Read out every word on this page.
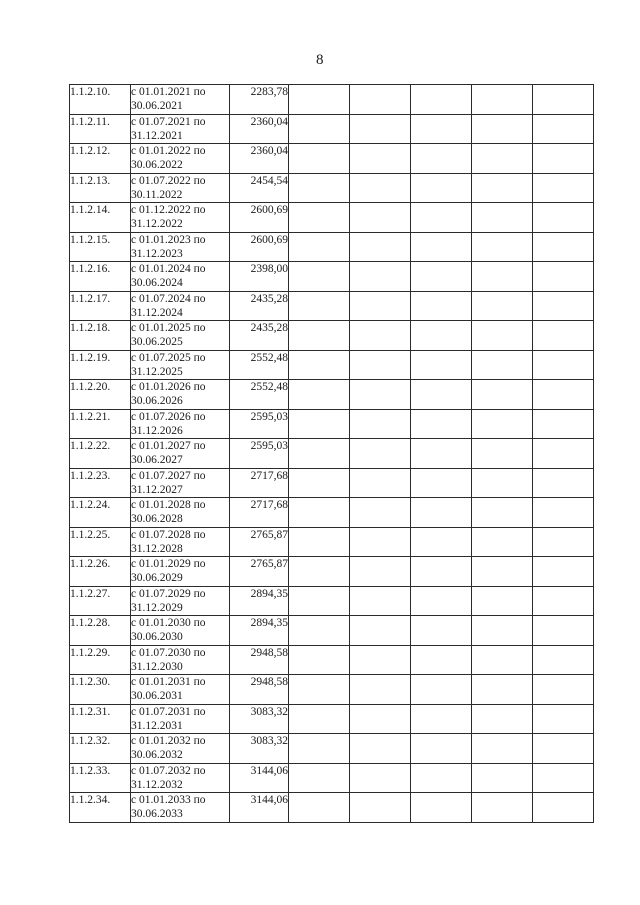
8
1.1.2.10.	с 01.01.2021 по
30.06.2021	2283,78					
1.1.2.11.	с 01.07.2021 по
31.12.2021	2360,04					
1.1.2.12.	с 01.01.2022 по
30.06.2022	2360,04					
1.1.2.13.	с 01.07.2022 по
30.11.2022	2454,54					
1.1.2.14.	с 01.12.2022 по
31.12.2022	2600,69					
1.1.2.15.	с 01.01.2023 по
31.12.2023	2600,69					
1.1.2.16.	с 01.01.2024 по
30.06.2024	2398,00					
1.1.2.17.	с 01.07.2024 по
31.12.2024	2435,28					
1.1.2.18.	с 01.01.2025 по
30.06.2025	2435,28					
1.1.2.19.	с 01.07.2025 по
31.12.2025	2552,48					
1.1.2.20.	с 01.01.2026 по
30.06.2026	2552,48					
1.1.2.21.	с 01.07.2026 по
31.12.2026	2595,03					
1.1.2.22.	с 01.01.2027 по
30.06.2027	2595,03					
1.1.2.23.	с 01.07.2027 по
31.12.2027	2717,68					
1.1.2.24.	с 01.01.2028 по
30.06.2028	2717,68					
1.1.2.25.	с 01.07.2028 по
31.12.2028	2765,87					
1.1.2.26.	с 01.01.2029 по
30.06.2029	2765,87					
1.1.2.27.	с 01.07.2029 по
31.12.2029	2894,35					
1.1.2.28.	с 01.01.2030 по
30.06.2030	2894,35					
1.1.2.29.	с 01.07.2030 по
31.12.2030	2948,58					
1.1.2.30.	с 01.01.2031 по
30.06.2031	2948,58					
1.1.2.31.	с 01.07.2031 по
31.12.2031	3083,32					
1.1.2.32.	с 01.01.2032 по
30.06.2032	3083,32					
1.1.2.33.	с 01.07.2032 по
31.12.2032	3144,06					
1.1.2.34.	с 01.01.2033 по
30.06.2033	3144,06					
